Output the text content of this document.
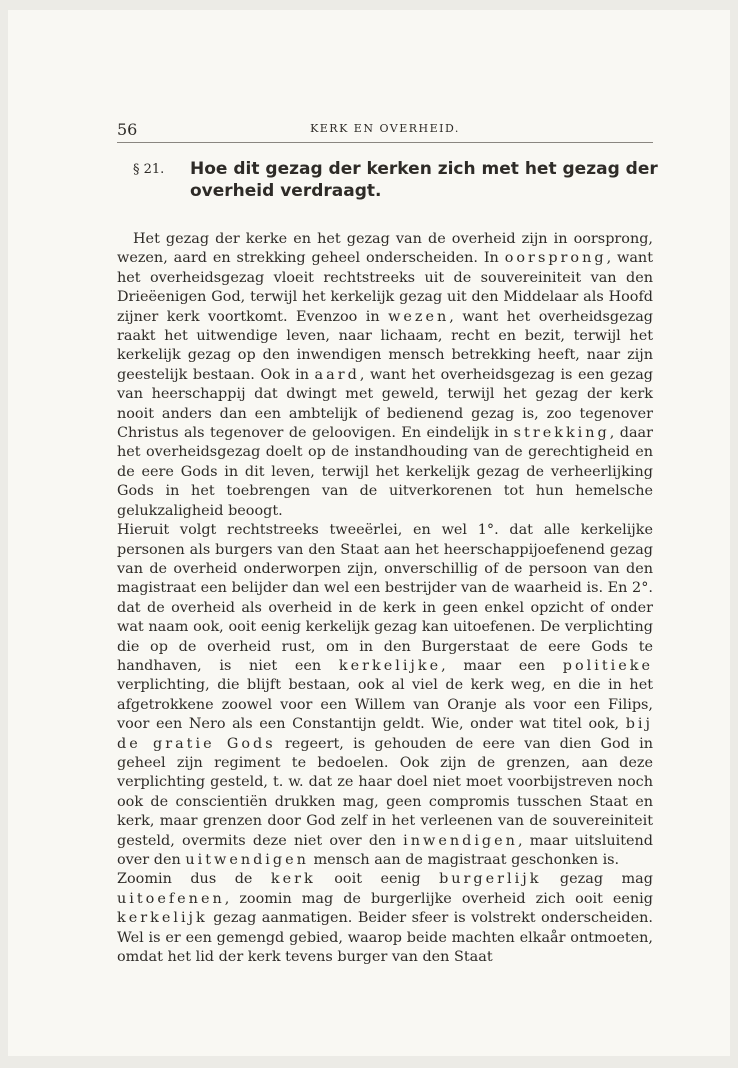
56	KERK EN OVERHEID.
§ 21. Hoe dit gezag der kerken zich met het gezag der overheid verdraagt.

Het gezag der kerke en het gezag van de overheid zijn in oorsprong, wezen, aard en strekking geheel onderscheiden. In oorsprong, want het overheidsgezag vloeit rechtstreeks uit de souvereiniteit van den Drieëenigen God, terwijl het kerkelijk gezag uit den Middelaar als Hoofd zijner kerk voortkomt. Evenzoo in wezen, want het overheidsgezag raakt het uitwendige leven, naar lichaam, recht en bezit, terwijl het kerkelijk gezag op den inwendigen mensch betrekking heeft, naar zijn geestelijk bestaan. Ook in aard, want het overheidsgezag is een gezag van heerschappij dat dwingt met geweld, terwijl het gezag der kerk nooit anders dan een ambtelijk of bedienend gezag is, zoo tegenover Christus als tegenover de geloovigen. En eindelijk in strekking, daar het overheidsgezag doelt op de instandhouding van de gerechtigheid en de eere Gods in dit leven, terwijl het kerkelijk gezag de verheerlijking Gods in het toebrengen van de uitverkorenen tot hun hemelsche gelukzaligheid beoogt.

Hieruit volgt rechtstreeks tweeërlei, en wel 1°. dat alle kerkelijke personen als burgers van den Staat aan het heerschappijoefenend gezag van de overheid onderworpen zijn, onverschillig of de persoon van den magistraat een belijder dan wel een bestrijder van de waarheid is. En 2°. dat de overheid als overheid in de kerk in geen enkel opzicht of onder wat naam ook, ooit eenig kerkelijk gezag kan uitoefenen. De verplichting die op de overheid rust, om in den Burgerstaat de eere Gods te handhaven, is niet een kerkelijke, maar een politieke verplichting, die blijft bestaan, ook al viel de kerk weg, en die in het afgetrokkene zoowel voor een Willem van Oranje als voor een Filips, voor een Nero als een Constantijn geldt. Wie, onder wat titel ook, bij de gratie Gods regeert, is gehouden de eere van dien God in geheel zijn regiment te bedoelen. Ook zijn de grenzen, aan deze verplichting gesteld, t. w. dat ze haar doel niet moet voorbijstreven noch ook de conscientiën drukken mag, geen compromis tusschen Staat en kerk, maar grenzen door God zelf in het verleenen van de souvereiniteit gesteld, overmits deze niet over den inwendigen, maar uitsluitend over den uitwendigen mensch aan de magistraat geschonken is.

Zoomin dus de kerk ooit eenig burgerlijk gezag mag uitoefenen, zoomin mag de burgerlijke overheid zich ooit eenig kerkelijk gezag aanmatigen. Beider sfeer is volstrekt onderscheiden. Wel is er een gemengd gebied, waarop beide machten elkaår ontmoeten, omdat het lid der kerk tevens burger van den Staat
